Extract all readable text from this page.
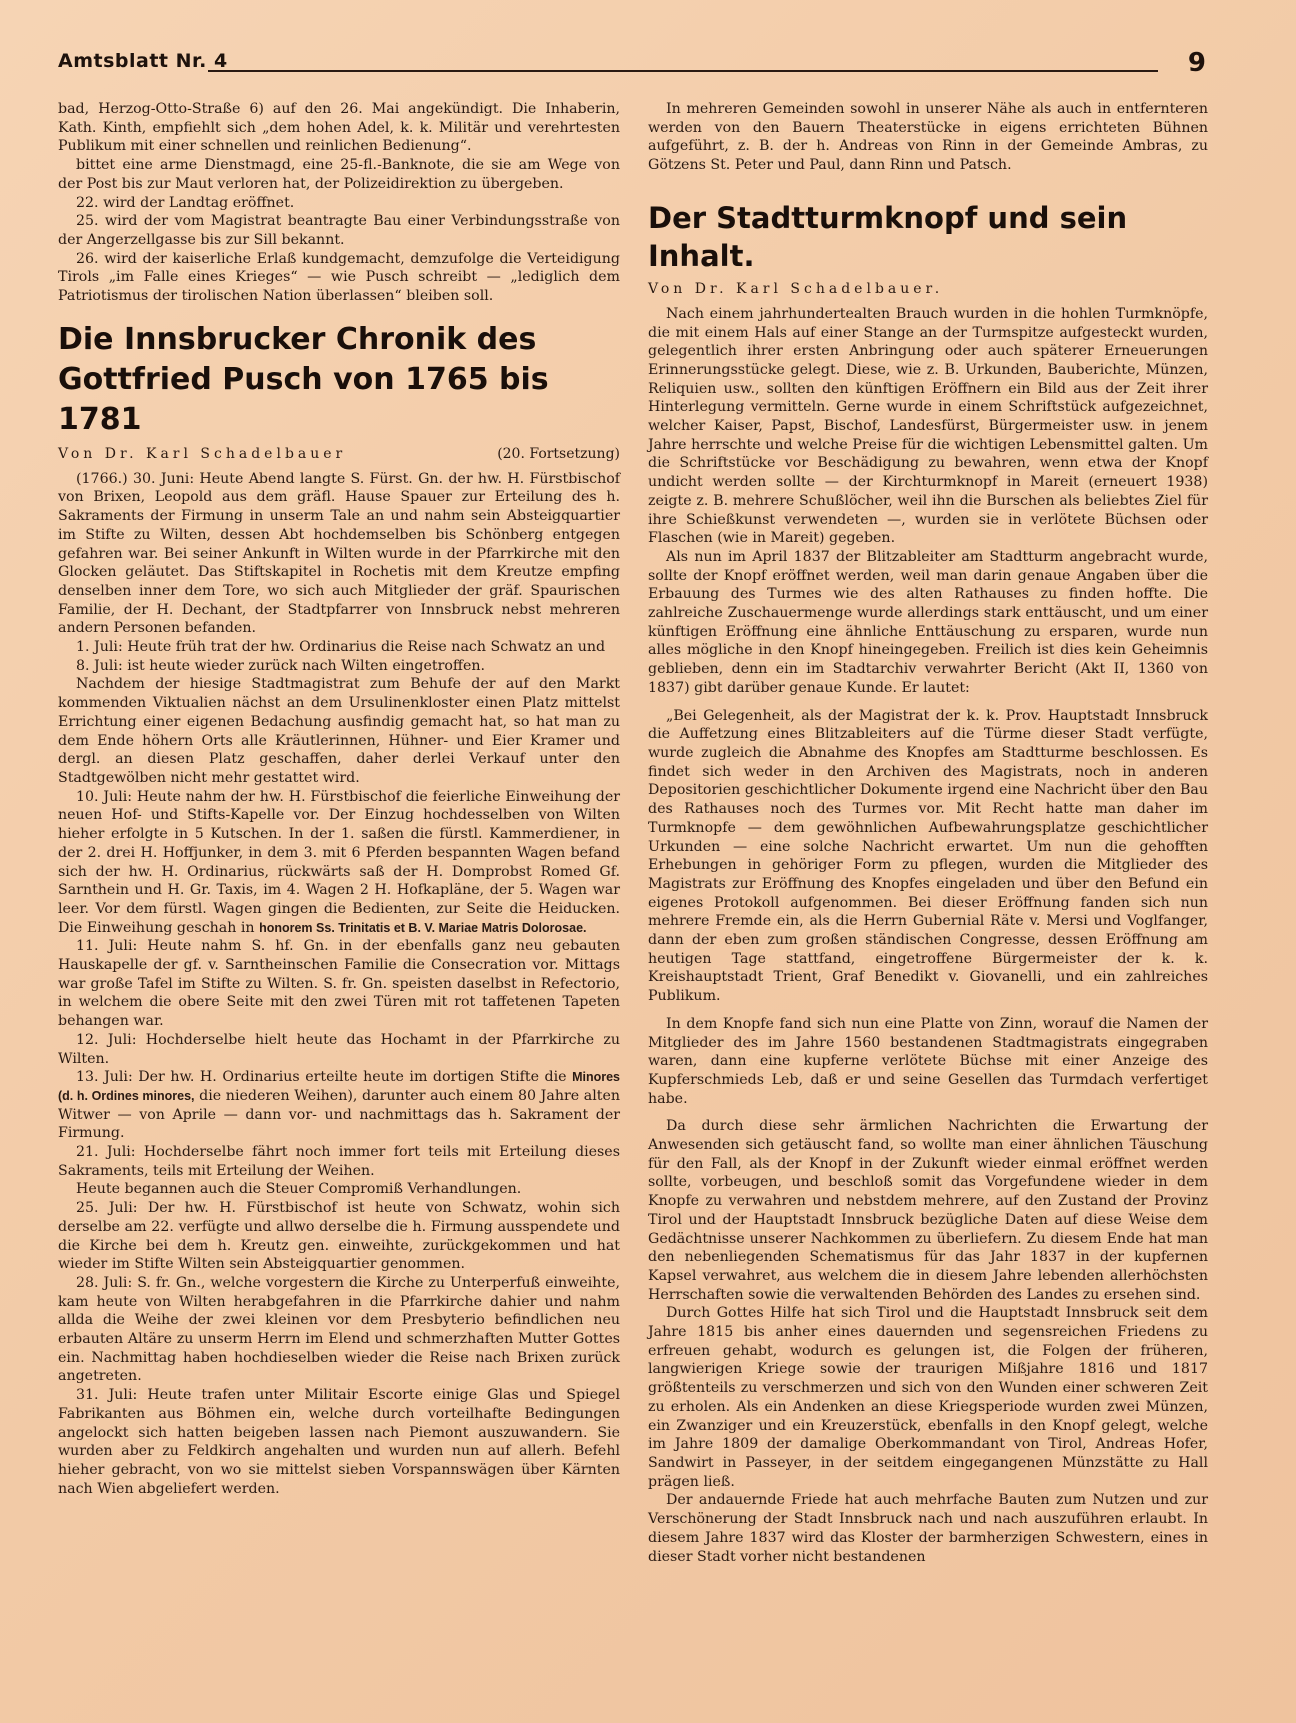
Amtsblatt Nr. 4	9

bad, Herzog-Otto-Straße 6) auf den 26. Mai angekündigt. Die Inhaberin, Kath. Kinth, empfiehlt sich „dem hohen Adel, k. k. Militär und verehrtesten Publikum mit einer schnellen und reinlichen Bedienung“.

bittet eine arme Dienstmagd, eine 25-fl.-Banknote, die sie am Wege von der Post bis zur Maut verloren hat, der Polizeidirektion zu übergeben.

22. wird der Landtag eröffnet.

25. wird der vom Magistrat beantragte Bau einer Verbindungsstraße von der Angerzellgasse bis zur Sill bekannt.

26. wird der kaiserliche Erlaß kundgemacht, demzufolge die Verteidigung Tirols „im Falle eines Krieges“ — wie Pusch schreibt — „lediglich dem Patriotismus der tirolischen Nation überlassen“ bleiben soll.

Die Innsbrucker Chronik des Gottfried Pusch von 1765 bis 1781
Von Dr. Karl Schadelbauer	(20. Fortsetzung)

(1766.) 30. Juni: Heute Abend langte S. Fürst. Gn. der hw. H. Fürstbischof von Brixen, Leopold aus dem gräfl. Hause Spauer zur Erteilung des h. Sakraments der Firmung in unserm Tale an und nahm sein Absteigquartier im Stifte zu Wilten, dessen Abt hochdemselben bis Schönberg entgegen gefahren war. Bei seiner Ankunft in Wilten wurde in der Pfarrkirche mit den Glocken geläutet. Das Stiftskapitel in Rochetis mit dem Kreutze empfing denselben inner dem Tore, wo sich auch Mitglieder der gräf. Spaurischen Familie, der H. Dechant, der Stadtpfarrer von Innsbruck nebst mehreren andern Personen befanden.

1. Juli: Heute früh trat der hw. Ordinarius die Reise nach Schwatz an und

8. Juli: ist heute wieder zurück nach Wilten eingetroffen.

Nachdem der hiesige Stadtmagistrat zum Behufe der auf den Markt kommenden Viktualien nächst an dem Ursulinenkloster einen Platz mittelst Errichtung einer eigenen Bedachung ausfindig gemacht hat, so hat man zu dem Ende höhern Orts alle Kräutlerinnen, Hühner- und Eier Kramer und dergl. an diesen Platz geschaffen, daher derlei Verkauf unter den Stadtgewölben nicht mehr gestattet wird.

10. Juli: Heute nahm der hw. H. Fürstbischof die feierliche Einweihung der neuen Hof- und Stifts-Kapelle vor. Der Einzug hochdesselben von Wilten hieher erfolgte in 5 Kutschen. In der 1. saßen die fürstl. Kammerdiener, in der 2. drei H. Hoffjunker, in dem 3. mit 6 Pferden bespannten Wagen befand sich der hw. H. Ordinarius, rückwärts saß der H. Domprobst Romed Gf. Sarnthein und H. Gr. Taxis, im 4. Wagen 2 H. Hofkapläne, der 5. Wagen war leer. Vor dem fürstl. Wagen gingen die Bedienten, zur Seite die Heiducken. Die Einweihung geschah in honorem Ss. Trinitatis et B. V. Mariae Matris Dolorosae.

11. Juli: Heute nahm S. hf. Gn. in der ebenfalls ganz neu gebauten Hauskapelle der gf. v. Sarntheinschen Familie die Consecration vor. Mittags war große Tafel im Stifte zu Wilten. S. fr. Gn. speisten daselbst in Refectorio, in welchem die obere Seite mit den zwei Türen mit rot taffetenen Tapeten behangen war.

12. Juli: Hochderselbe hielt heute das Hochamt in der Pfarrkirche zu Wilten.

13. Juli: Der hw. H. Ordinarius erteilte heute im dortigen Stifte die Minores (d. h. Ordines minores, die niederen Weihen), darunter auch einem 80 Jahre alten Witwer — von Aprile — dann vor- und nachmittags das h. Sakrament der Firmung.

21. Juli: Hochderselbe fährt noch immer fort teils mit Erteilung dieses Sakraments, teils mit Erteilung der Weihen.

Heute begannen auch die Steuer Compromiß Verhandlungen.

25. Juli: Der hw. H. Fürstbischof ist heute von Schwatz, wohin sich derselbe am 22. verfügte und allwo derselbe die h. Firmung ausspendete und die Kirche bei dem h. Kreutz gen. einweihte, zurückgekommen und hat wieder im Stifte Wilten sein Absteigquartier genommen.

28. Juli: S. fr. Gn., welche vorgestern die Kirche zu Unterperfuß einweihte, kam heute von Wilten herabgefahren in die Pfarrkirche dahier und nahm allda die Weihe der zwei kleinen vor dem Presbyterio befindlichen neu erbauten Altäre zu unserm Herrn im Elend und schmerzhaften Mutter Gottes ein. Nachmittag haben hochdieselben wieder die Reise nach Brixen zurück angetreten.

31. Juli: Heute trafen unter Militair Escorte einige Glas und Spiegel Fabrikanten aus Böhmen ein, welche durch vorteilhafte Bedingungen angelockt sich hatten beigeben lassen nach Piemont auszuwandern. Sie wurden aber zu Feldkirch angehalten und wurden nun auf allerh. Befehl hieher gebracht, von wo sie mittelst sieben Vorspannswägen über Kärnten nach Wien abgeliefert werden.

In mehreren Gemeinden sowohl in unserer Nähe als auch in entfernteren werden von den Bauern Theaterstücke in eigens errichteten Bühnen aufgeführt, z. B. der h. Andreas von Rinn in der Gemeinde Ambras, zu Götzens St. Peter und Paul, dann Rinn und Patsch.

Der Stadtturmknopf und sein Inhalt.
Von Dr. Karl Schadelbauer.

Nach einem jahrhundertealten Brauch wurden in die hohlen Turmknöpfe, die mit einem Hals auf einer Stange an der Turmspitze aufgesteckt wurden, gelegentlich ihrer ersten Anbringung oder auch späterer Erneuerungen Erinnerungsstücke gelegt. Diese, wie z. B. Urkunden, Bauberichte, Münzen, Reliquien usw., sollten den künftigen Eröffnern ein Bild aus der Zeit ihrer Hinterlegung vermitteln. Gerne wurde in einem Schriftstück aufgezeichnet, welcher Kaiser, Papst, Bischof, Landesfürst, Bürgermeister usw. in jenem Jahre herrschte und welche Preise für die wichtigen Lebensmittel galten. Um die Schriftstücke vor Beschädigung zu bewahren, wenn etwa der Knopf undicht werden sollte — der Kirchturmknopf in Mareit (erneuert 1938) zeigte z. B. mehrere Schußlöcher, weil ihn die Burschen als beliebtes Ziel für ihre Schießkunst verwendeten —, wurden sie in verlötete Büchsen oder Flaschen (wie in Mareit) gegeben.

Als nun im April 1837 der Blitzableiter am Stadtturm angebracht wurde, sollte der Knopf eröffnet werden, weil man darin genaue Angaben über die Erbauung des Turmes wie des alten Rathauses zu finden hoffte. Die zahlreiche Zuschauermenge wurde allerdings stark enttäuscht, und um einer künftigen Eröffnung eine ähnliche Enttäuschung zu ersparen, wurde nun alles mögliche in den Knopf hineingegeben. Freilich ist dies kein Geheimnis geblieben, denn ein im Stadtarchiv verwahrter Bericht (Akt II, 1360 von 1837) gibt darüber genaue Kunde. Er lautet:

„Bei Gelegenheit, als der Magistrat der k. k. Prov. Hauptstadt Innsbruck die Auffetzung eines Blitzableiters auf die Türme dieser Stadt verfügte, wurde zugleich die Abnahme des Knopfes am Stadtturme beschlossen. Es findet sich weder in den Archiven des Magistrats, noch in anderen Depositorien geschichtlicher Dokumente irgend eine Nachricht über den Bau des Rathauses noch des Turmes vor. Mit Recht hatte man daher im Turmknopfe — dem gewöhnlichen Aufbewahrungsplatze geschichtlicher Urkunden — eine solche Nachricht erwartet. Um nun die gehofften Erhebungen in gehöriger Form zu pflegen, wurden die Mitglieder des Magistrats zur Eröffnung des Knopfes eingeladen und über den Befund ein eigenes Protokoll aufgenommen. Bei dieser Eröffnung fanden sich nun mehrere Fremde ein, als die Herrn Gubernial Räte v. Mersi und Voglfanger, dann der eben zum großen ständischen Congresse, dessen Eröffnung am heutigen Tage stattfand, eingetroffene Bürgermeister der k. k. Kreishauptstadt Trient, Graf Benedikt v. Giovanelli, und ein zahlreiches Publikum.

In dem Knopfe fand sich nun eine Platte von Zinn, worauf die Namen der Mitglieder des im Jahre 1560 bestandenen Stadtmagistrats eingegraben waren, dann eine kupferne verlötete Büchse mit einer Anzeige des Kupferschmieds Leb, daß er und seine Gesellen das Turmdach verfertiget habe.

Da durch diese sehr ärmlichen Nachrichten die Erwartung der Anwesenden sich getäuscht fand, so wollte man einer ähnlichen Täuschung für den Fall, als der Knopf in der Zukunft wieder einmal eröffnet werden sollte, vorbeugen, und beschloß somit das Vorgefundene wieder in dem Knopfe zu verwahren und nebstdem mehrere, auf den Zustand der Provinz Tirol und der Hauptstadt Innsbruck bezügliche Daten auf diese Weise dem Gedächtnisse unserer Nachkommen zu überliefern. Zu diesem Ende hat man den nebenliegenden Schematismus für das Jahr 1837 in der kupfernen Kapsel verwahret, aus welchem die in diesem Jahre lebenden allerhöchsten Herrschaften sowie die verwaltenden Behörden des Landes zu ersehen sind.

Durch Gottes Hilfe hat sich Tirol und die Hauptstadt Innsbruck seit dem Jahre 1815 bis anher eines dauernden und segensreichen Friedens zu erfreuen gehabt, wodurch es gelungen ist, die Folgen der früheren, langwierigen Kriege sowie der traurigen Mißjahre 1816 und 1817 größtenteils zu verschmerzen und sich von den Wunden einer schweren Zeit zu erholen. Als ein Andenken an diese Kriegsperiode wurden zwei Münzen, ein Zwanziger und ein Kreuzerstück, ebenfalls in den Knopf gelegt, welche im Jahre 1809 der damalige Oberkommandant von Tirol, Andreas Hofer, Sandwirt in Passeyer, in der seitdem eingegangenen Münzstätte zu Hall prägen ließ.

Der andauernde Friede hat auch mehrfache Bauten zum Nutzen und zur Verschönerung der Stadt Innsbruck nach und nach auszuführen erlaubt. In diesem Jahre 1837 wird das Kloster der barmherzigen Schwestern, eines in dieser Stadt vorher nicht bestandenen
